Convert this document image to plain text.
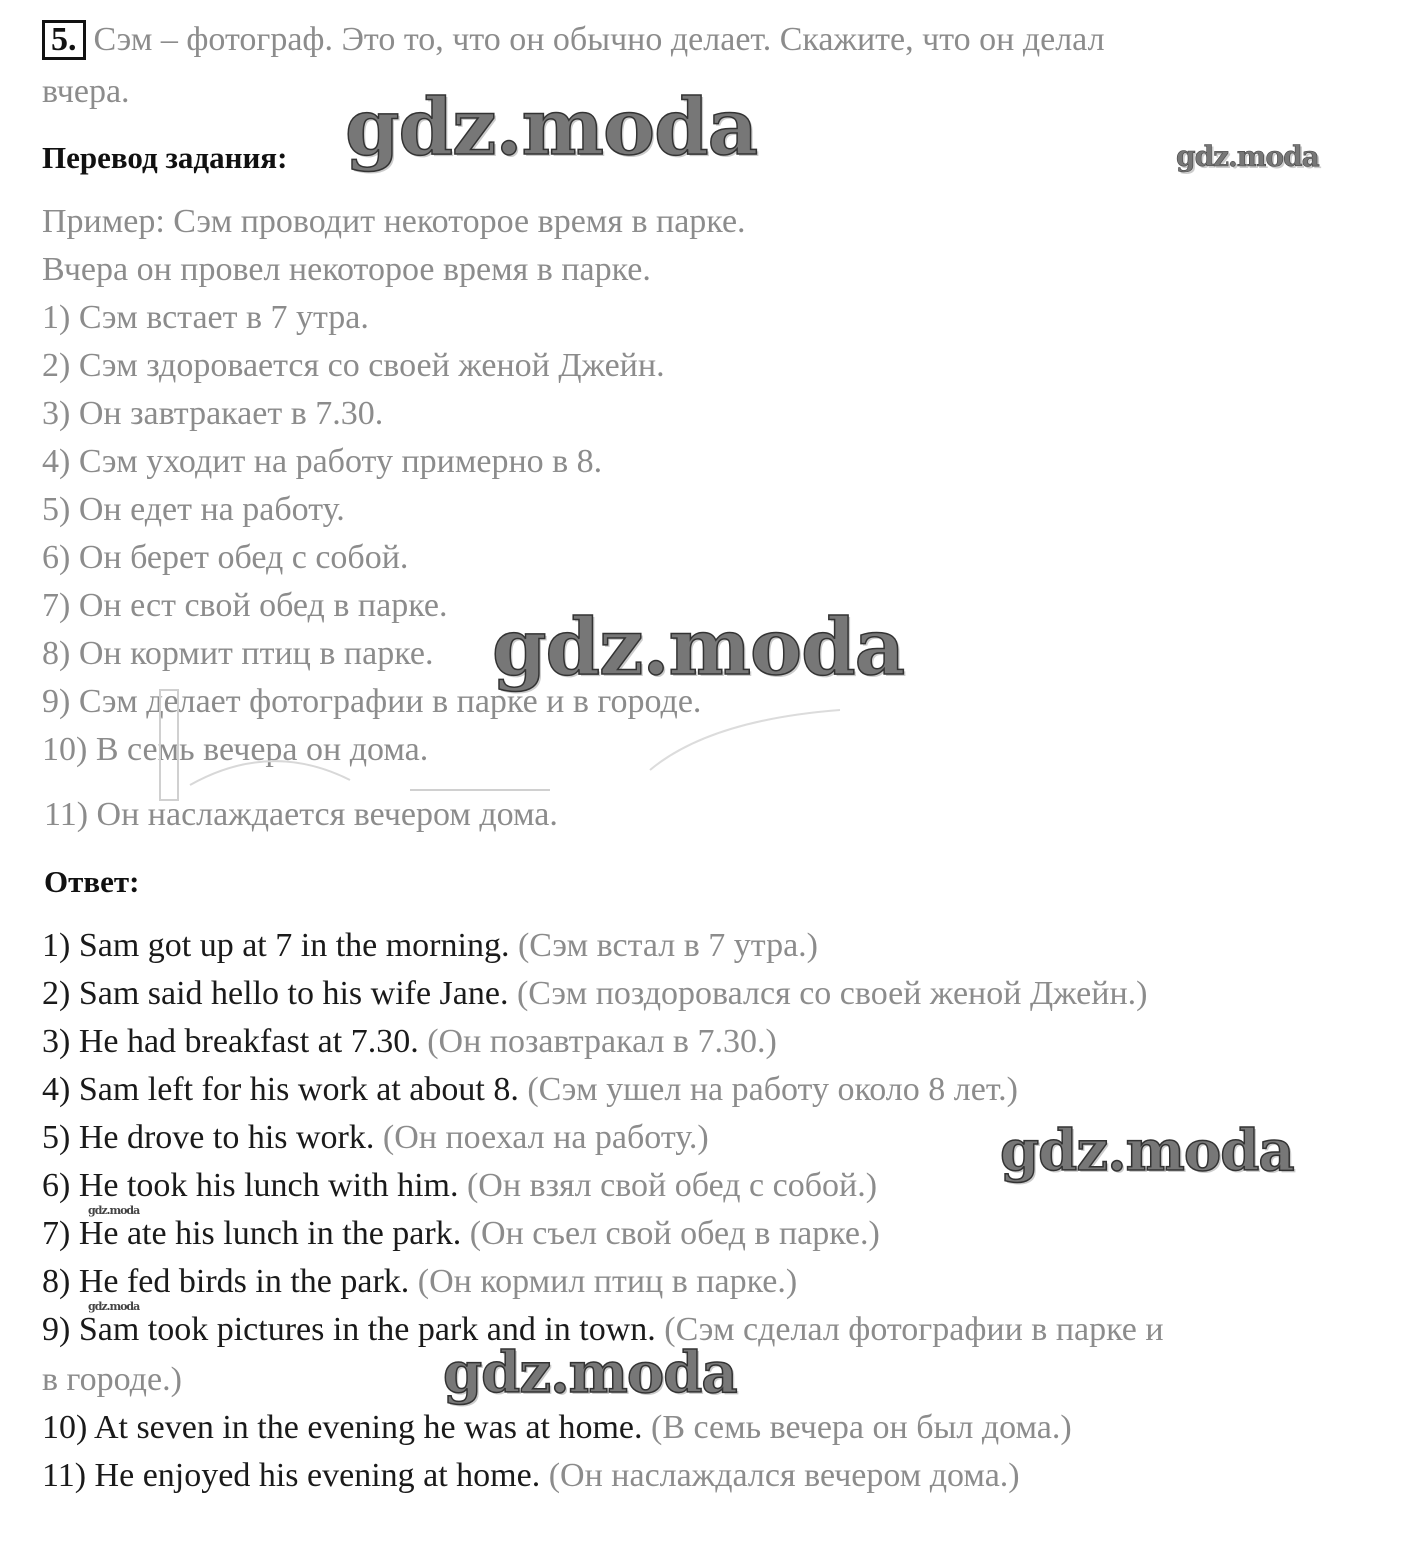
5. Сэм – фотограф. Это то, что он обычно делает. Скажите, что он делал
вчера.
Перевод задания:
Пример: Сэм проводит некоторое время в парке.
Вчера он провел некоторое время в парке.
1) Сэм встает в 7 утра.
2) Сэм здоровается со своей женой Джейн.
3) Он завтракает в 7.30.
4) Сэм уходит на работу примерно в 8.
5) Он едет на работу.
6) Он берет обед с собой.
7) Он ест свой обед в парке.
8) Он кормит птиц в парке.
9) Сэм делает фотографии в парке и в городе.
10) В семь вечера он дома.
11) Он наслаждается вечером дома.
Ответ:
1) Sam got up at 7 in the morning. (Сэм встал в 7 утра.)
2) Sam said hello to his wife Jane. (Сэм поздоровался со своей женой Джейн.)
3) He had breakfast at 7.30. (Он позавтракал в 7.30.)
4) Sam left for his work at about 8. (Сэм ушел на работу около 8 лет.)
5) He drove to his work. (Он поехал на работу.)
6) He took his lunch with him. (Он взял свой обед с собой.)
7) He ate his lunch in the park. (Он съел свой обед в парке.)
8) He fed birds in the park. (Он кормил птиц в парке.)
9) Sam took pictures in the park and in town. (Сэм сделал фотографии в парке и
в городе.)
10) At seven in the evening he was at home. (В семь вечера он был дома.)
11) He enjoyed his evening at home. (Он наслаждался вечером дома.)
gdz.moda	gdz.moda
gdz.moda
gdz.moda
gdz.moda
gdz.moda
gdz.moda
